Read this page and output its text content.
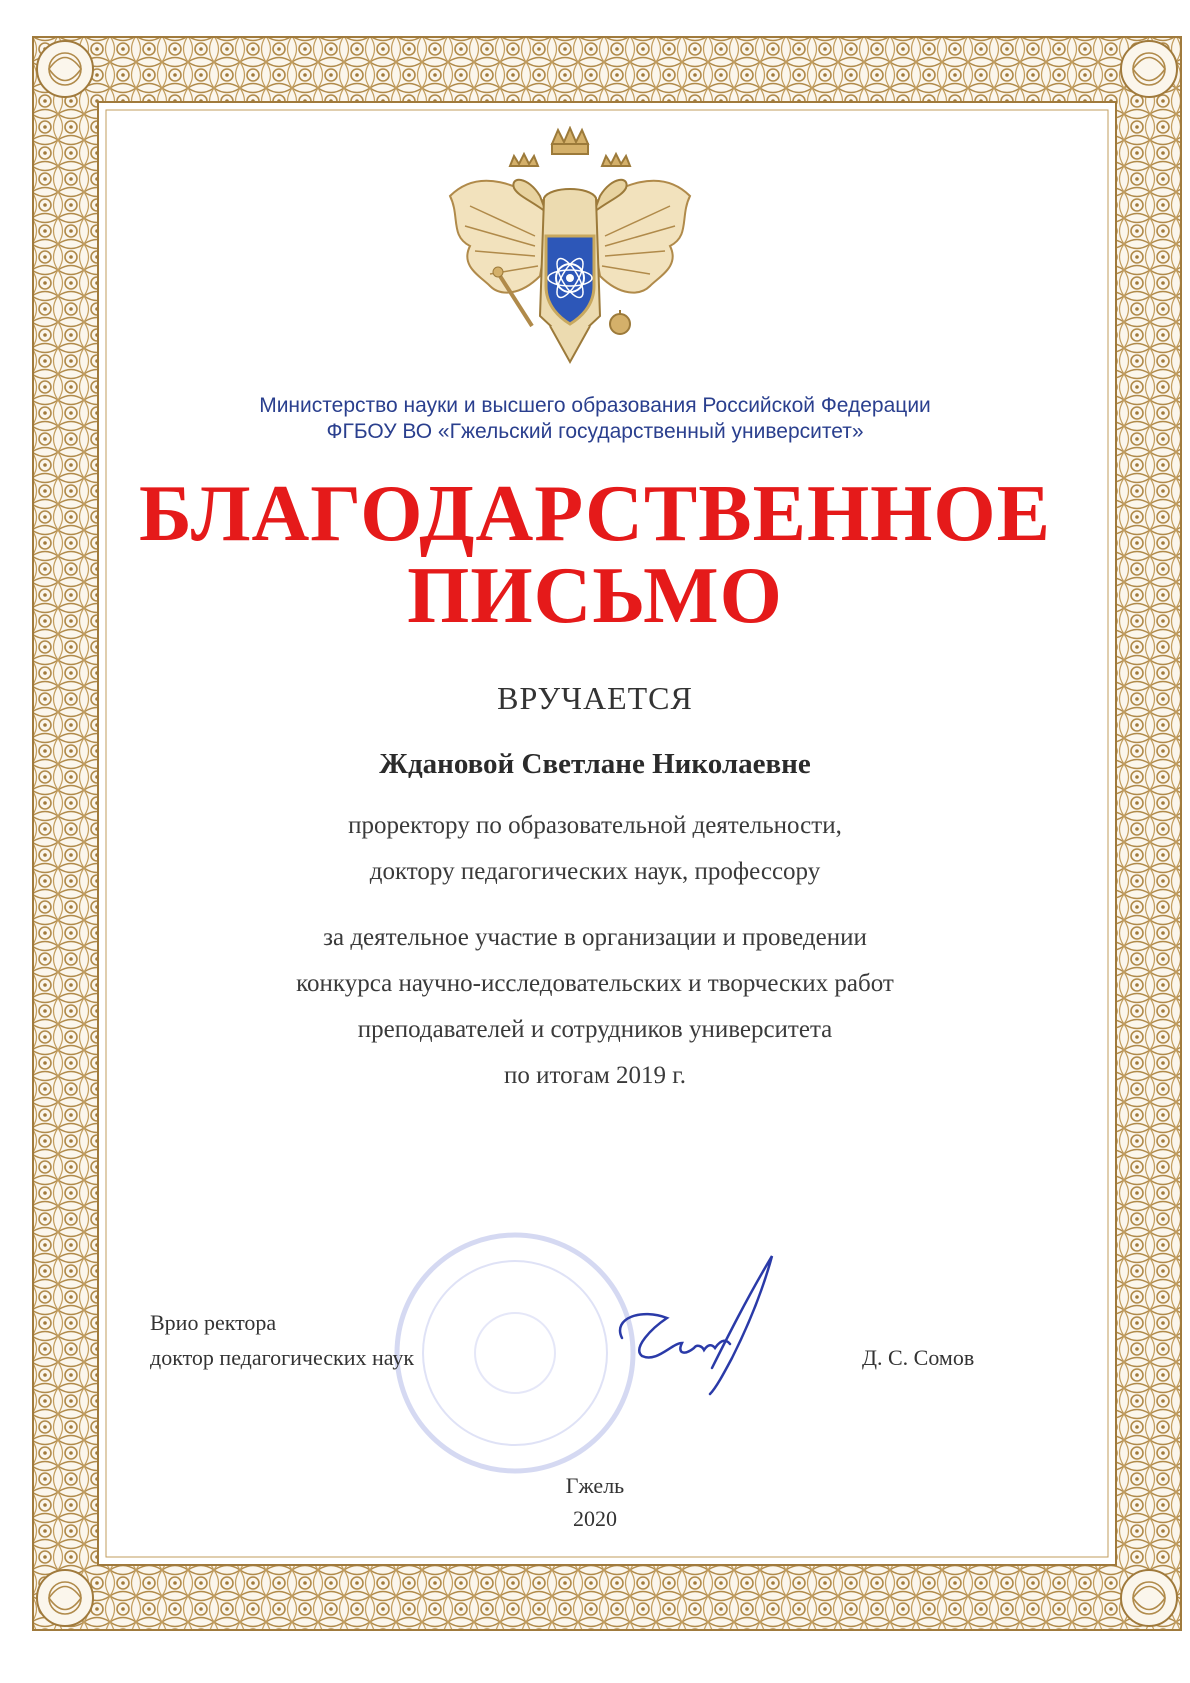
Министерство науки и высшего образования Российской Федерации
ФГБОУ ВО «Гжельский государственный университет»
БЛАГОДАРСТВЕННОЕ
ПИСЬМО
ВРУЧАЕТСЯ
Ждановой Светлане Николаевне
проректору по образовательной деятельности,
доктору педагогических наук, профессору
за деятельное участие в организации и проведении
конкурса научно-исследовательских и творческих работ
преподавателей и сотрудников университета
по итогам 2019 г.
Врио ректора
доктор педагогических наук	Д. С. Сомов
Гжель
2020
